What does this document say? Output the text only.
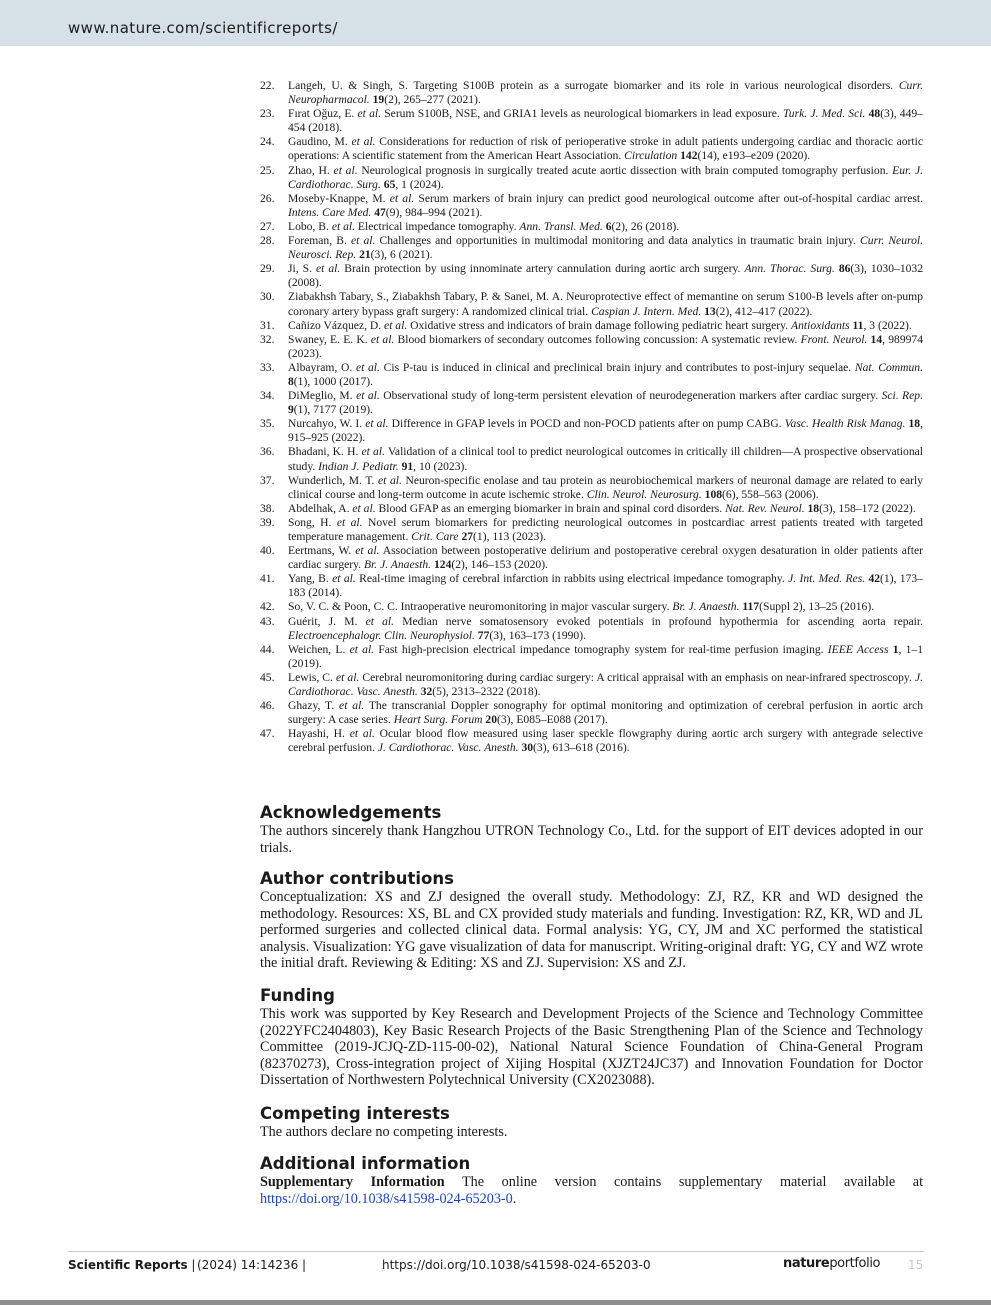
www.nature.com/scientificreports/
22. Langeh, U. & Singh, S. Targeting S100B protein as a surrogate biomarker and its role in various neurological disorders. Curr. Neuropharmacol. 19(2), 265–277 (2021).
23. Fırat Oğuz, E. et al. Serum S100B, NSE, and GRIA1 levels as neurological biomarkers in lead exposure. Turk. J. Med. Sci. 48(3), 449–454 (2018).
24. Gaudino, M. et al. Considerations for reduction of risk of perioperative stroke in adult patients undergoing cardiac and thoracic aortic operations: A scientific statement from the American Heart Association. Circulation 142(14), e193–e209 (2020).
25. Zhao, H. et al. Neurological prognosis in surgically treated acute aortic dissection with brain computed tomography perfusion. Eur. J. Cardiothorac. Surg. 65, 1 (2024).
26. Moseby-Knappe, M. et al. Serum markers of brain injury can predict good neurological outcome after out-of-hospital cardiac arrest. Intens. Care Med. 47(9), 984–994 (2021).
27. Lobo, B. et al. Electrical impedance tomography. Ann. Transl. Med. 6(2), 26 (2018).
28. Foreman, B. et al. Challenges and opportunities in multimodal monitoring and data analytics in traumatic brain injury. Curr. Neurol. Neurosci. Rep. 21(3), 6 (2021).
29. Ji, S. et al. Brain protection by using innominate artery cannulation during aortic arch surgery. Ann. Thorac. Surg. 86(3), 1030–1032 (2008).
30. Ziabakhsh Tabary, S., Ziabakhsh Tabary, P. & Sanei, M. A. Neuroprotective effect of memantine on serum S100-B levels after on-pump coronary artery bypass graft surgery: A randomized clinical trial. Caspian J. Intern. Med. 13(2), 412–417 (2022).
31. Cañizo Vázquez, D. et al. Oxidative stress and indicators of brain damage following pediatric heart surgery. Antioxidants 11, 3 (2022).
32. Swaney, E. E. K. et al. Blood biomarkers of secondary outcomes following concussion: A systematic review. Front. Neurol. 14, 989974 (2023).
33. Albayram, O. et al. Cis P-tau is induced in clinical and preclinical brain injury and contributes to post-injury sequelae. Nat. Commun. 8(1), 1000 (2017).
34. DiMeglio, M. et al. Observational study of long-term persistent elevation of neurodegeneration markers after cardiac surgery. Sci. Rep. 9(1), 7177 (2019).
35. Nurcahyo, W. I. et al. Difference in GFAP levels in POCD and non-POCD patients after on pump CABG. Vasc. Health Risk Manag. 18, 915–925 (2022).
36. Bhadani, K. H. et al. Validation of a clinical tool to predict neurological outcomes in critically ill children—A prospective observational study. Indian J. Pediatr. 91, 10 (2023).
37. Wunderlich, M. T. et al. Neuron-specific enolase and tau protein as neurobiochemical markers of neuronal damage are related to early clinical course and long-term outcome in acute ischemic stroke. Clin. Neurol. Neurosurg. 108(6), 558–563 (2006).
38. Abdelhak, A. et al. Blood GFAP as an emerging biomarker in brain and spinal cord disorders. Nat. Rev. Neurol. 18(3), 158–172 (2022).
39. Song, H. et al. Novel serum biomarkers for predicting neurological outcomes in postcardiac arrest patients treated with targeted temperature management. Crit. Care 27(1), 113 (2023).
40. Eertmans, W. et al. Association between postoperative delirium and postoperative cerebral oxygen desaturation in older patients after cardiac surgery. Br. J. Anaesth. 124(2), 146–153 (2020).
41. Yang, B. et al. Real-time imaging of cerebral infarction in rabbits using electrical impedance tomography. J. Int. Med. Res. 42(1), 173–183 (2014).
42. So, V. C. & Poon, C. C. Intraoperative neuromonitoring in major vascular surgery. Br. J. Anaesth. 117(Suppl 2), 13–25 (2016).
43. Guérit, J. M. et al. Median nerve somatosensory evoked potentials in profound hypothermia for ascending aorta repair. Electroencephalogr. Clin. Neurophysiol. 77(3), 163–173 (1990).
44. Weichen, L. et al. Fast high-precision electrical impedance tomography system for real-time perfusion imaging. IEEE Access 1, 1–1 (2019).
45. Lewis, C. et al. Cerebral neuromonitoring during cardiac surgery: A critical appraisal with an emphasis on near-infrared spectroscopy. J. Cardiothorac. Vasc. Anesth. 32(5), 2313–2322 (2018).
46. Ghazy, T. et al. The transcranial Doppler sonography for optimal monitoring and optimization of cerebral perfusion in aortic arch surgery: A case series. Heart Surg. Forum 20(3), E085–E088 (2017).
47. Hayashi, H. et al. Ocular blood flow measured using laser speckle flowgraphy during aortic arch surgery with antegrade selective cerebral perfusion. J. Cardiothorac. Vasc. Anesth. 30(3), 613–618 (2016).
Acknowledgements

The authors sincerely thank Hangzhou UTRON Technology Co., Ltd. for the support of EIT devices adopted in our trials.

Author contributions

Conceptualization: XS and ZJ designed the overall study. Methodology: ZJ, RZ, KR and WD designed the methodology. Resources: XS, BL and CX provided study materials and funding. Investigation: RZ, KR, WD and JL performed surgeries and collected clinical data. Formal analysis: YG, CY, JM and XC performed the statistical analysis. Visualization: YG gave visualization of data for manuscript. Writing-original draft: YG, CY and WZ wrote the initial draft. Reviewing & Editing: XS and ZJ. Supervision: XS and ZJ.

Funding

This work was supported by Key Research and Development Projects of the Science and Technology Committee (2022YFC2404803), Key Basic Research Projects of the Basic Strengthening Plan of the Science and Technology Committee (2019-JCJQ-ZD-115-00-02), National Natural Science Foundation of China-General Program (82370273), Cross-integration project of Xijing Hospital (XJZT24JC37) and Innovation Foundation for Doctor Dissertation of Northwestern Polytechnical University (CX2023088).

Competing interests

The authors declare no competing interests.

Additional information

Supplementary Information The online version contains supplementary material available at https://doi.org/10.1038/s41598-024-65203-0.

Scientific Reports | (2024) 14:14236 |	https://doi.org/10.1038/s41598-024-65203-0	natureportfolio 15
